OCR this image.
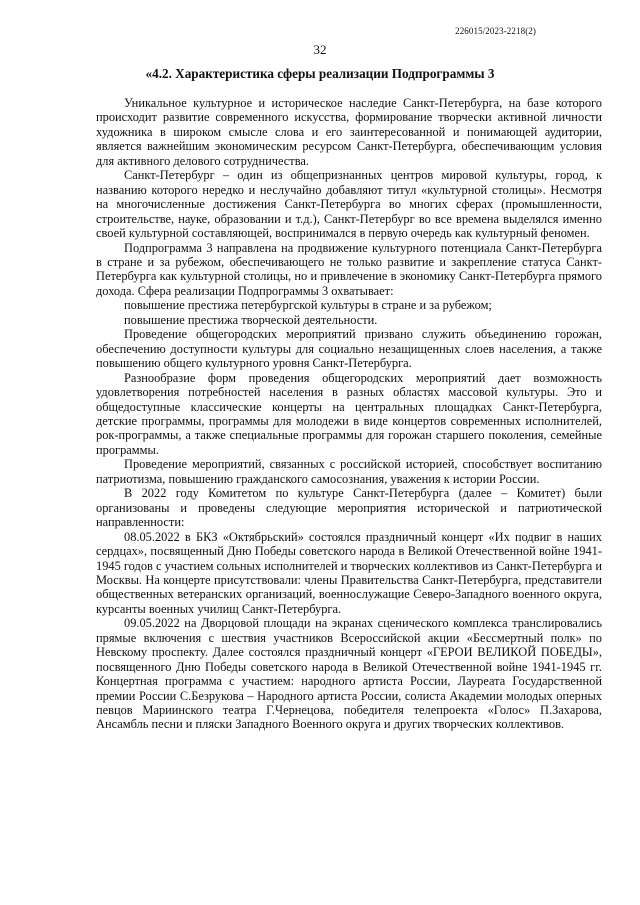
226015/2023-2218(2)
32
«4.2. Характеристика сферы реализации Подпрограммы 3

Уникальное культурное и историческое наследие Санкт-Петербурга, на базе которого происходит развитие современного искусства, формирование творчески активной личности художника в широком смысле слова и его заинтересованной и понимающей аудитории, является важнейшим экономическим ресурсом Санкт-Петербурга, обеспечивающим условия для активного делового сотрудничества.

Санкт-Петербург – один из общепризнанных центров мировой культуры, город, к названию которого нередко и неслучайно добавляют титул «культурной столицы». Несмотря на многочисленные достижения Санкт-Петербурга во многих сферах (промышленности, строительстве, науке, образовании и т.д.), Санкт-Петербург во все времена выделялся именно своей культурной составляющей, воспринимался в первую очередь как культурный феномен.

Подпрограмма 3 направлена на продвижение культурного потенциала Санкт-Петербурга в стране и за рубежом, обеспечивающего не только развитие и закрепление статуса Санкт-Петербурга как культурной столицы, но и привлечение в экономику Санкт-Петербурга прямого дохода. Сфера реализации Подпрограммы 3 охватывает:

повышение престижа петербургской культуры в стране и за рубежом;

повышение престижа творческой деятельности.

Проведение общегородских мероприятий призвано служить объединению горожан, обеспечению доступности культуры для социально незащищенных слоев населения, а также повышению общего культурного уровня Санкт-Петербурга.

Разнообразие форм проведения общегородских мероприятий дает возможность удовлетворения потребностей населения в разных областях массовой культуры. Это и общедоступные классические концерты на центральных площадках Санкт-Петербурга, детские программы, программы для молодежи в виде концертов современных исполнителей, рок-программы, а также специальные программы для горожан старшего поколения, семейные программы.

Проведение мероприятий, связанных с российской историей, способствует воспитанию патриотизма, повышению гражданского самосознания, уважения к истории России.

В 2022 году Комитетом по культуре Санкт-Петербурга (далее – Комитет) были организованы и проведены следующие мероприятия исторической и патриотической направленности:

08.05.2022 в БКЗ «Октябрьский» состоялся праздничный концерт «Их подвиг в наших сердцах», посвященный Дню Победы советского народа в Великой Отечественной войне 1941-1945 годов с участием сольных исполнителей и творческих коллективов из Санкт-Петербурга и Москвы. На концерте присутствовали: члены Правительства Санкт-Петербурга, представители общественных ветеранских организаций, военнослужащие Северо-Западного военного округа, курсанты военных училищ Санкт-Петербурга.

09.05.2022 на Дворцовой площади на экранах сценического комплекса транслировались прямые включения с шествия участников Всероссийской акции «Бессмертный полк» по Невскому проспекту. Далее состоялся праздничный концерт «ГЕРОИ ВЕЛИКОЙ ПОБЕДЫ», посвященного Дню Победы советского народа в Великой Отечественной войне 1941-1945 гг. Концертная программа с участием: народного артиста России, Лауреата Государственной премии России С.Безрукова – Народного артиста России, солиста Академии молодых оперных певцов Мариинского театра Г.Чернецова, победителя телепроекта «Голос» П.Захарова, Ансамбль песни и пляски Западного Военного округа и других творческих коллективов.
